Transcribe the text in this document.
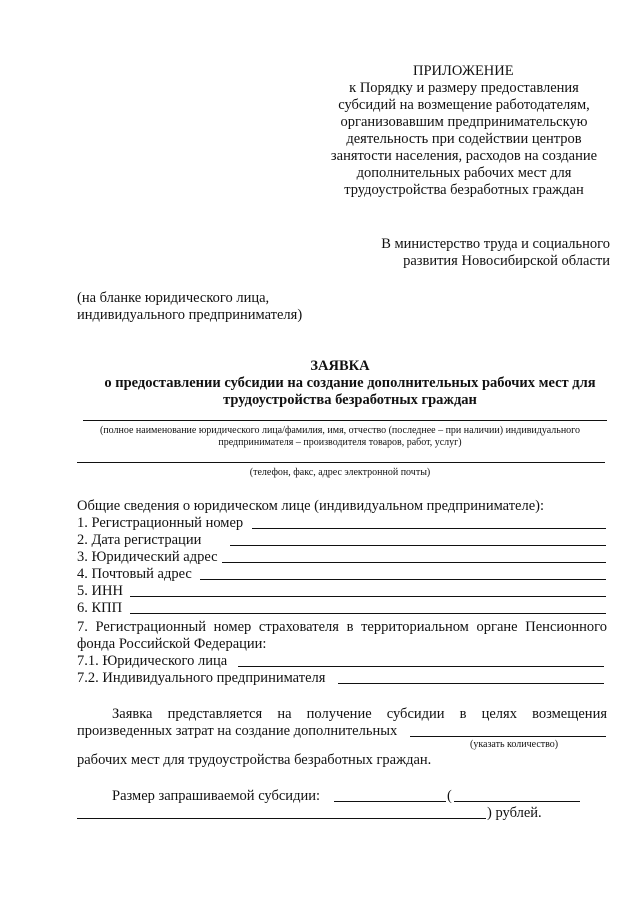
ПРИЛОЖЕНИЕ
к Порядку и размеру предоставления
субсидий на возмещение работодателям,
организовавшим предпринимательскую
деятельность при содействии центров
занятости населения, расходов на создание
дополнительных рабочих мест для
трудоустройства безработных граждан
В министерство труда и социального
развития Новосибирской области
(на бланке юридического лица,
индивидуального предпринимателя)
ЗАЯВКА
о предоставлении субсидии на создание дополнительных рабочих мест для
трудоустройства безработных граждан
(полное наименование юридического лица/фамилия, имя, отчество (последнее – при наличии) индивидуального
предпринимателя – производителя товаров, работ, услуг)
(телефон, факс, адрес электронной почты)
Общие сведения о юридическом лице (индивидуальном предпринимателе):
1. Регистрационный номер
2. Дата регистрации
3. Юридический адрес
4. Почтовый адрес
5. ИНН
6. КПП
7. Регистрационный номер страхователя в территориальном органе Пенсионного
фонда Российской Федерации:
7.1. Юридического лица
7.2. Индивидуального предпринимателя
Заявка представляется на получение субсидии в целях возмещения
произведенных затрат на создание дополнительных
(указать количество)
рабочих мест для трудоустройства безработных граждан.
Размер запрашиваемой субсидии:	(
) рублей.
